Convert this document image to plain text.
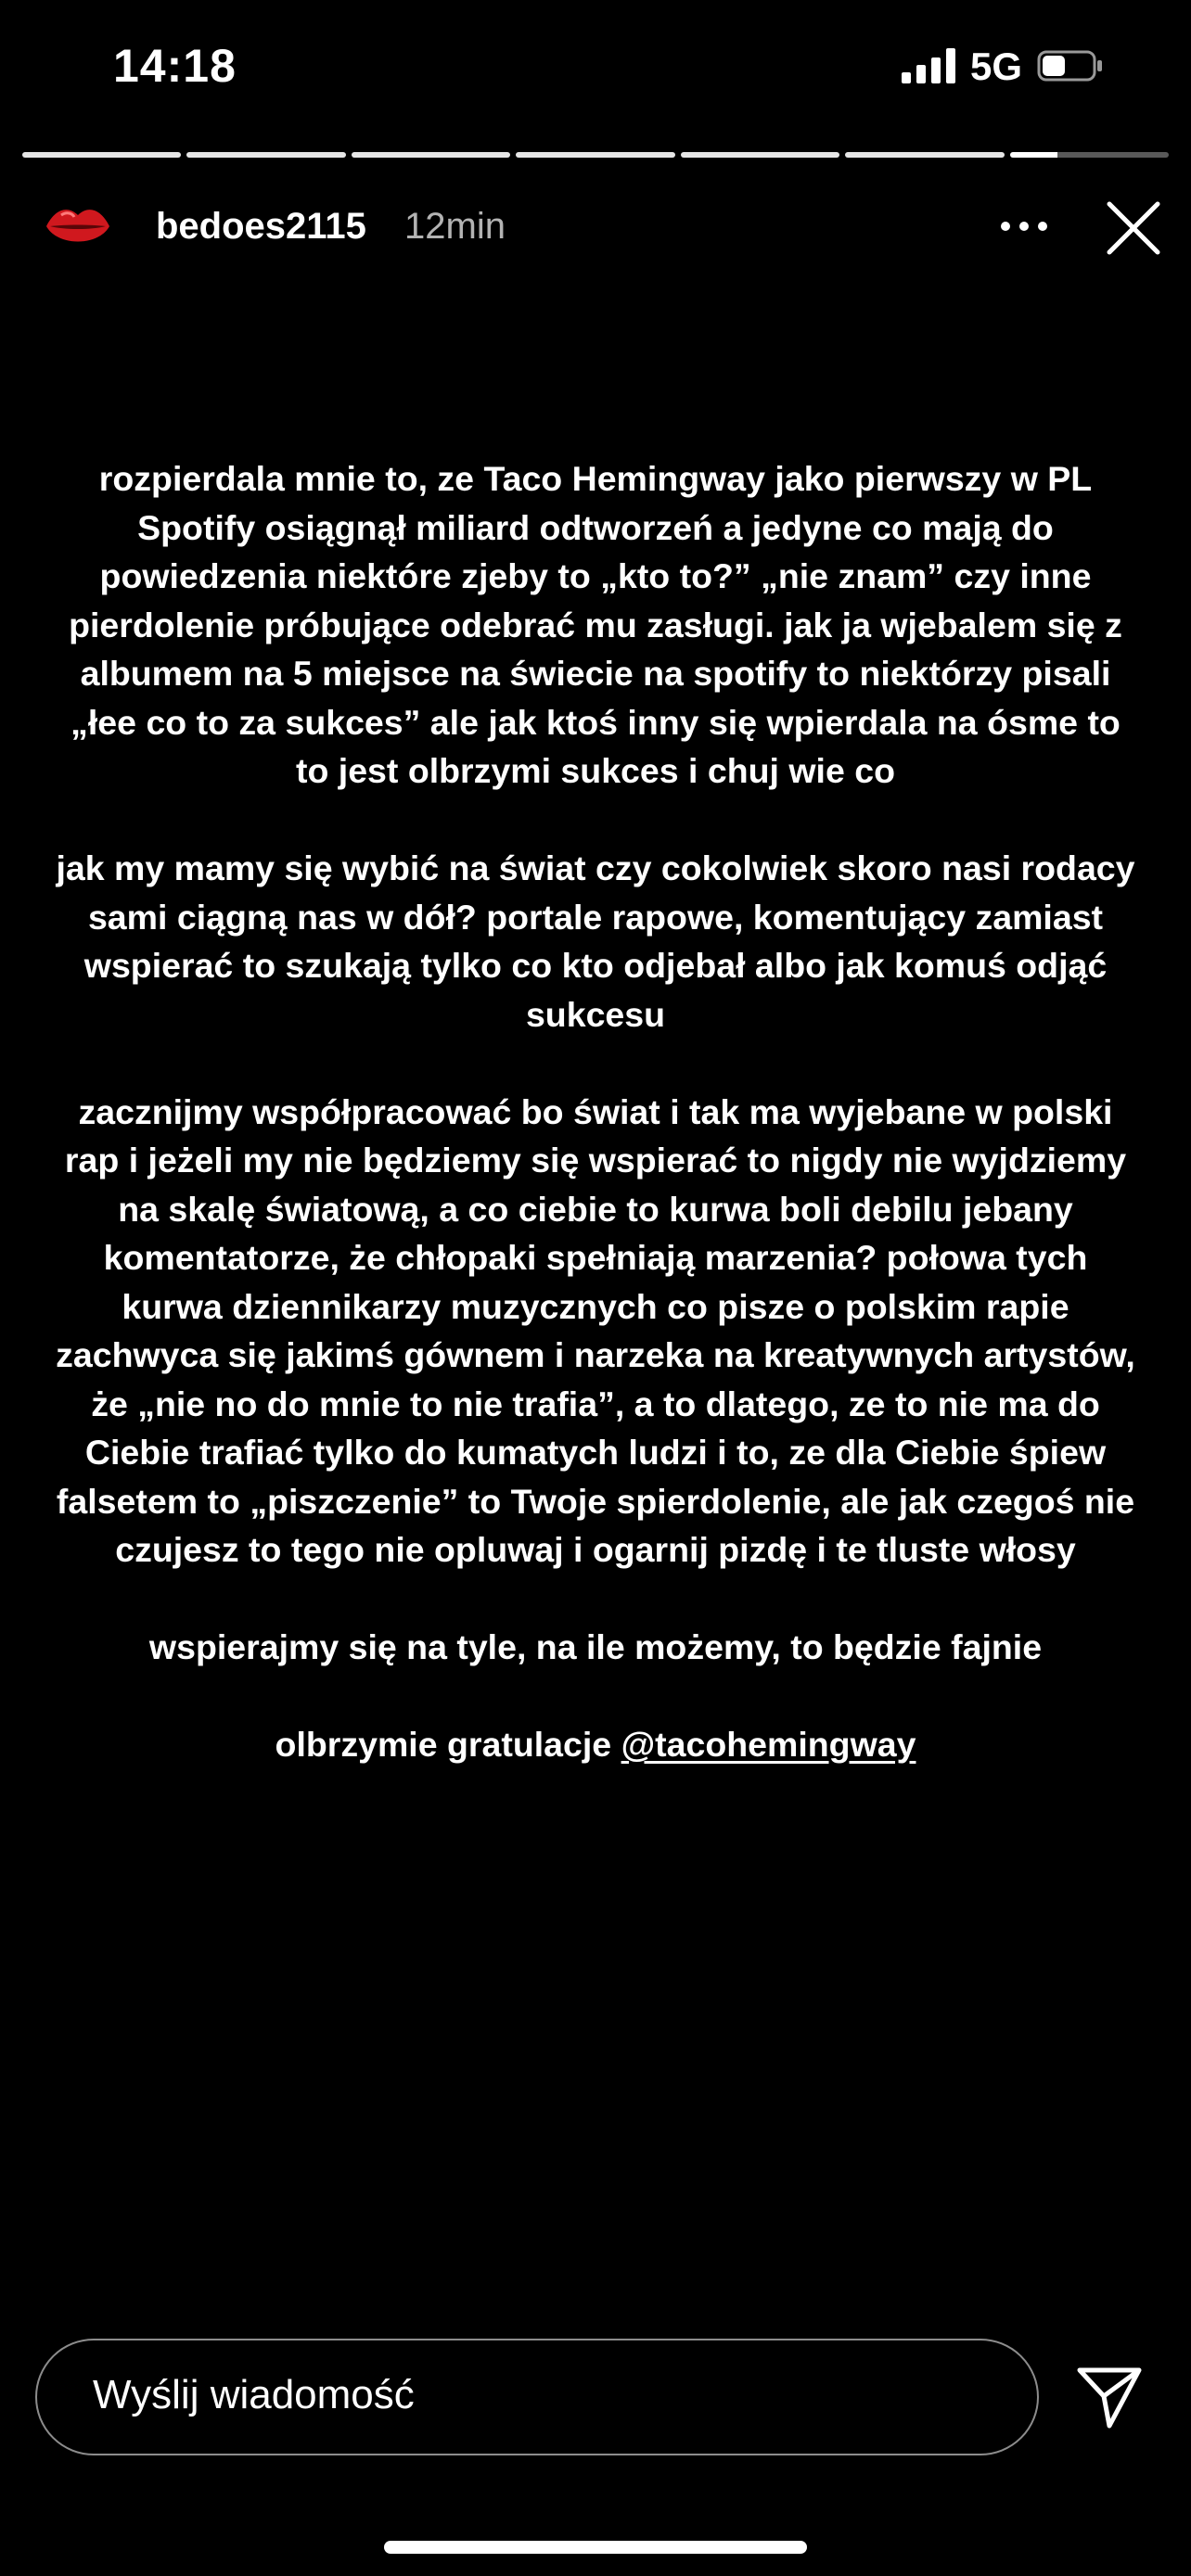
14:18	5G
bedoes2115 12min

rozpierdala mnie to, ze Taco Hemingway jako pierwszy w PL Spotify osiągnął miliard odtworzeń a jedyne co mają do powiedzenia niektóre zjeby to „kto to?” „nie znam” czy inne pierdolenie próbujące odebrać mu zasługi. jak ja wjebalem się z albumem na 5 miejsce na świecie na spotify to niektórzy pisali „łee co to za sukces” ale jak ktoś inny się wpierdala na ósme to to jest olbrzymi sukces i chuj wie co

jak my mamy się wybić na świat czy cokolwiek skoro nasi rodacy sami ciągną nas w dół? portale rapowe, komentujący zamiast wspierać to szukają tylko co kto odjebał albo jak komuś odjąć sukcesu

zacznijmy współpracować bo świat i tak ma wyjebane w polski rap i jeżeli my nie będziemy się wspierać to nigdy nie wyjdziemy na skalę światową, a co ciebie to kurwa boli debilu jebany komentatorze, że chłopaki spełniają marzenia? połowa tych kurwa dziennikarzy muzycznych co pisze o polskim rapie zachwyca się jakimś gównem i narzeka na kreatywnych artystów, że „nie no do mnie to nie trafia”, a to dlatego, ze to nie ma do Ciebie trafiać tylko do kumatych ludzi i to, ze dla Ciebie śpiew falsetem to „piszczenie” to Twoje spierdolenie, ale jak czegoś nie czujesz to tego nie opluwaj i ogarnij pizdę i te tluste włosy

wspierajmy się na tyle, na ile możemy, to będzie fajnie

olbrzymie gratulacje @tacohemingway

Wyślij wiadomość
